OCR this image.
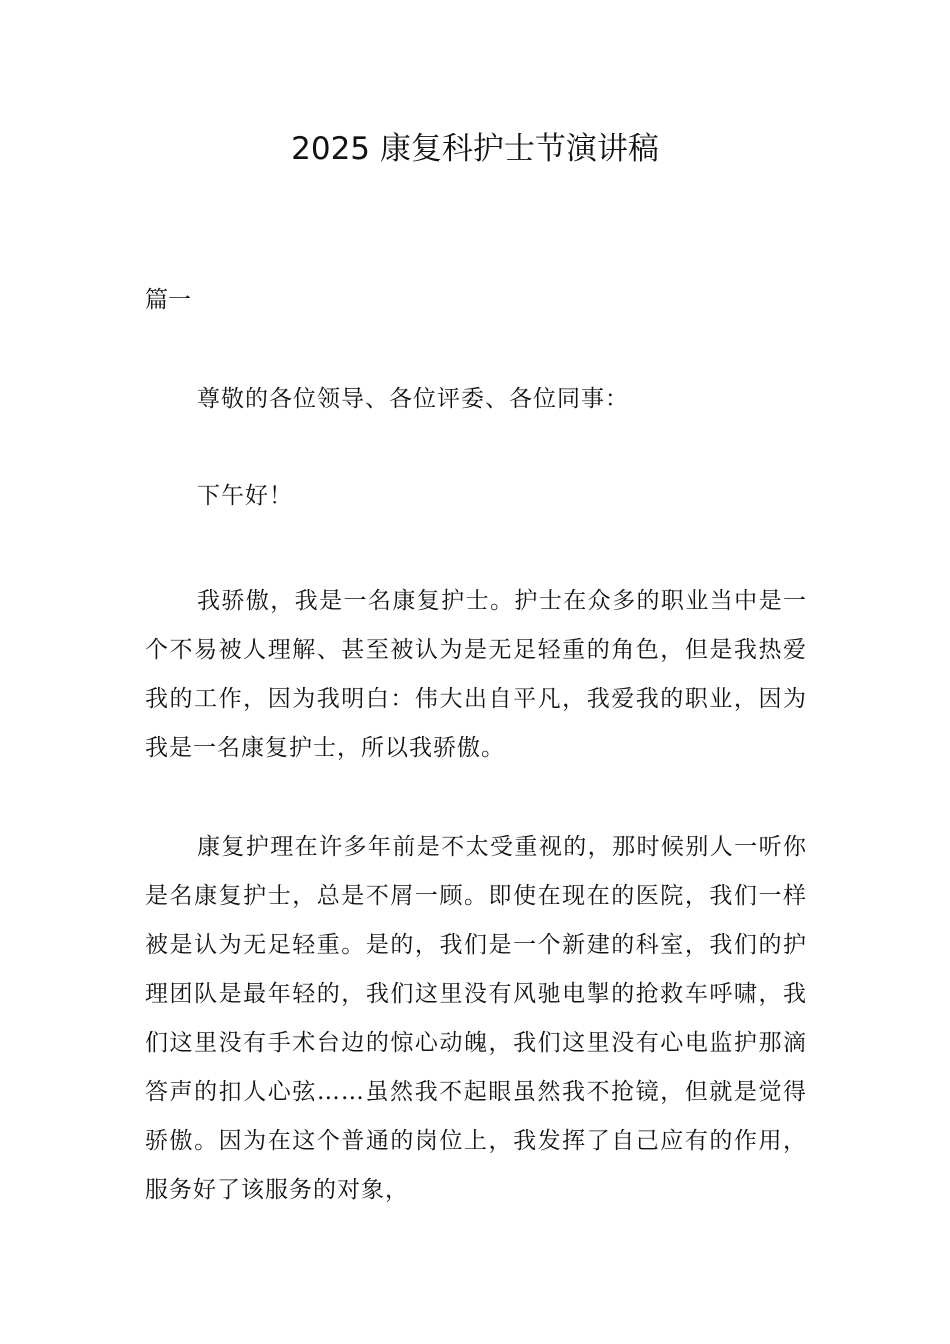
2025 康复科护士节演讲稿
篇一

尊敬的各位领导、各位评委、各位同事：

下午好！

我骄傲，我是一名康复护士。护士在众多的职业当中是一个不易被人理解、甚至被认为是无足轻重的角色，但是我热爱我的工作，因为我明白：伟大出自平凡，我爱我的职业，因为我是一名康复护士，所以我骄傲。

康复护理在许多年前是不太受重视的，那时候别人一听你是名康复护士，总是不屑一顾。即使在现在的医院，我们一样被是认为无足轻重。是的，我们是一个新建的科室，我们的护理团队是最年轻的，我们这里没有风驰电掣的抢救车呼啸，我们这里没有手术台边的惊心动魄，我们这里没有心电监护那滴答声的扣人心弦……虽然我不起眼虽然我不抢镜，但就是觉得骄傲。因为在这个普通的岗位上，我发挥了自己应有的作用，服务好了该服务的对象，
